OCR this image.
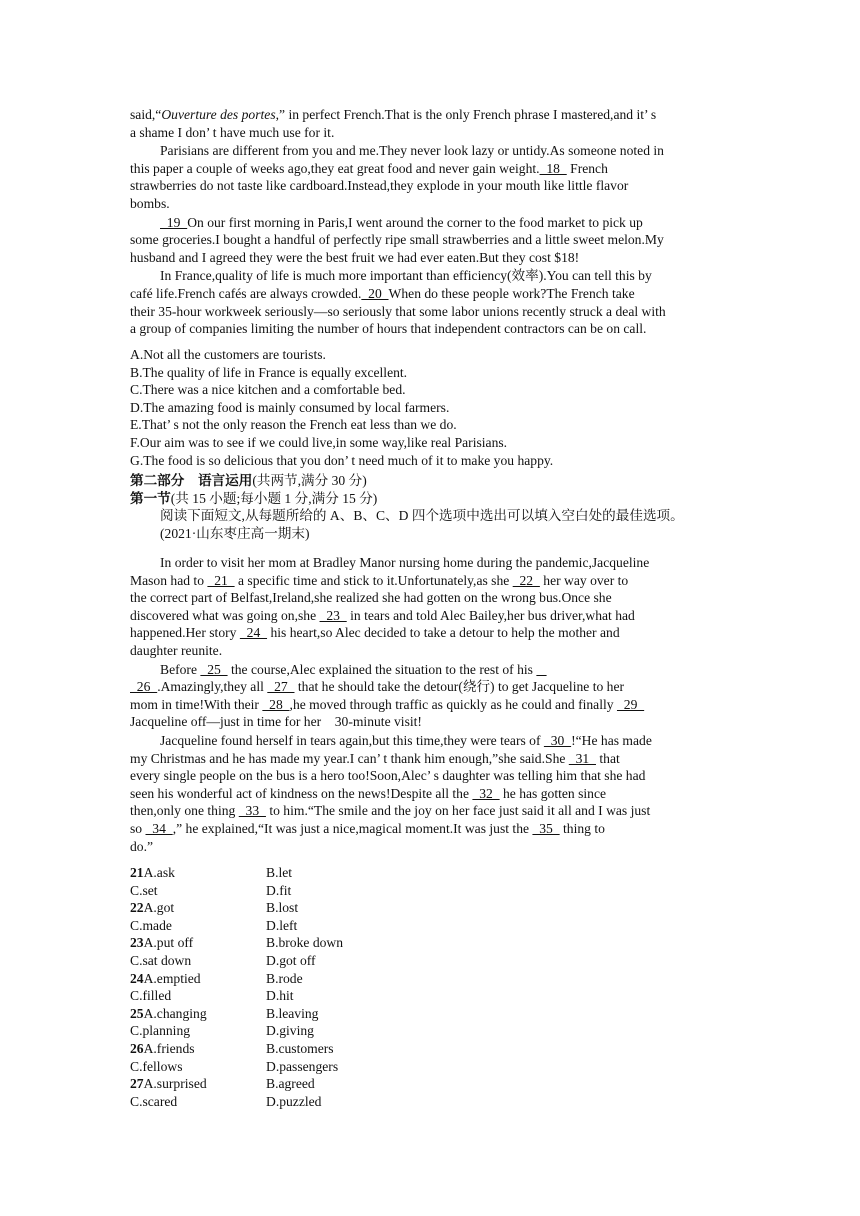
said,“Ouverture des portes,” in perfect French.That is the only French phrase I mastered,and it’ s

a shame I don’ t have much use for it.

Parisians are different from you and me.They never look lazy or untidy.As someone noted in

this paper a couple of weeks ago,they eat great food and never gain weight.  18   French

strawberries do not taste like cardboard.Instead,they explode in your mouth like little flavor

bombs.

19  On our first morning in Paris,I went around the corner to the food market to pick up

some groceries.I bought a handful of perfectly ripe small strawberries and a little sweet melon.My

husband and I agreed they were the best fruit we had ever eaten.But they cost $18!

In France,quality of life is much more important than efficiency(效率).You can tell this by

café life.French cafés are always crowded.  20  When do these people work?The French take

their 35-hour workweek seriously—so seriously that some labor unions recently struck a deal with

a group of companies limiting the number of hours that independent contractors can be on call.

A.Not all the customers are tourists.

B.The quality of life in France is equally excellent.

C.There was a nice kitchen and a comfortable bed.

D.The amazing food is mainly consumed by local farmers.

E.That’ s not the only reason the French eat less than we do.

F.Our aim was to see if we could live,in some way,like real Parisians.

G.The food is so delicious that you don’ t need much of it to make you happy.

第二部分　语言运用(共两节,满分 30 分)

第一节(共 15 小题;每小题 1 分,满分 15 分)

阅读下面短文,从每题所给的 A、B、C、D 四个选项中选出可以填入空白处的最佳选项。

(2021·山东枣庄高一期末)

In order to visit her mom at Bradley Manor nursing home during the pandemic,Jacqueline

Mason had to   21   a specific time and stick to it.Unfortunately,as she   22   her way over to

the correct part of Belfast,Ireland,she realized she had gotten on the wrong bus.Once she

discovered what was going on,she   23   in tears and told Alec Bailey,her bus driver,what had

happened.Her story   24   his heart,so Alec decided to take a detour to help the mother and

daughter reunite.

Before   25   the course,Alec explained the situation to the rest of his

26  .Amazingly,they all   27   that he should take the detour(绕行) to get Jacqueline to her

mom in time!With their   28  ,he moved through traffic as quickly as he could and finally   29

Jacqueline off—just in time for her　30-minute visit!

Jacqueline found herself in tears again,but this time,they were tears of   30  !“He has made

my Christmas and he has made my year.I can’ t thank him enough,”she said.She   31   that

every single people on the bus is a hero too!Soon,Alec’ s daughter was telling him that she had

seen his wonderful act of kindness on the news!Despite all the   32   he has gotten since

then,only one thing   33   to him.“The smile and the joy on her face just said it all and I was just

so   34  ,” he explained,“It was just a nice,magical moment.It was just the   35   thing to

do.”

21A.ask	B.let
C.set	D.fit
22A.got	B.lost
C.made	D.left
23A.put off	B.broke down
C.sat down	D.got off
24A.emptied	B.rode
C.filled	D.hit
25A.changing	B.leaving
C.planning	D.giving
26A.friends	B.customers
C.fellows	D.passengers
27A.surprised	B.agreed
C.scared	D.puzzled
